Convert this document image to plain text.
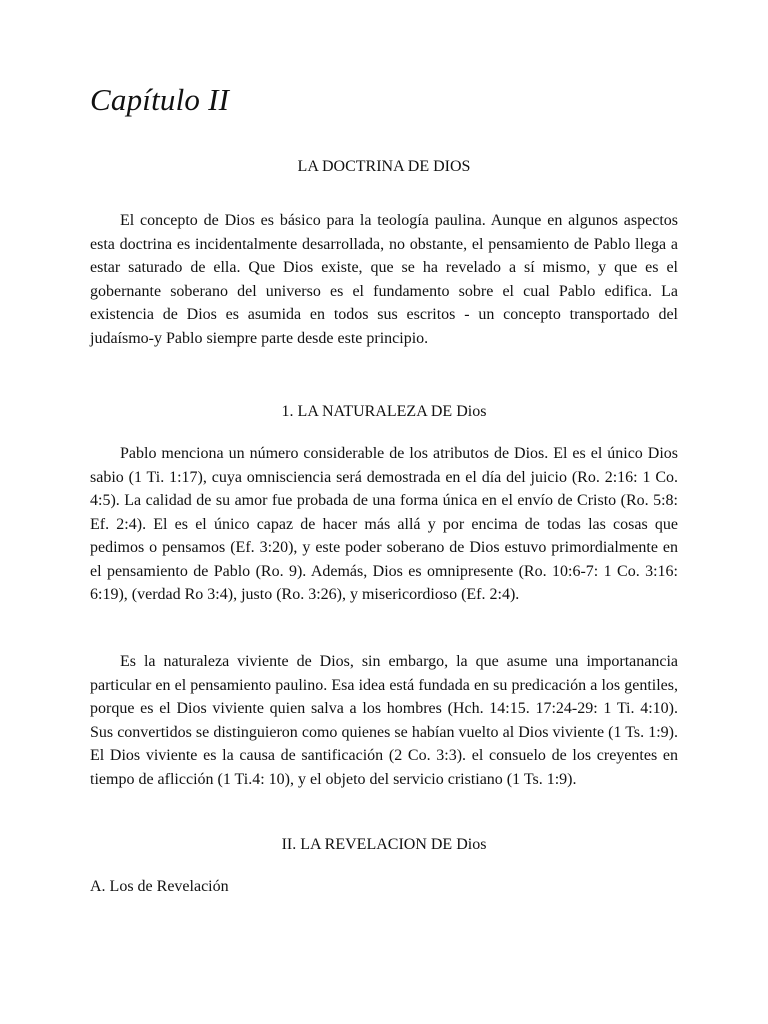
Capítulo II
LA DOCTRINA DE DIOS

El concepto de Dios es básico para la teología paulina. Aunque en algunos aspectos esta doctrina es incidentalmente desarrollada, no obstante, el pensamiento de Pablo llega a estar saturado de ella. Que Dios existe, que se ha revelado a sí mismo, y que es el gobernante soberano del universo es el fundamento sobre el cual Pablo edifica. La existencia de Dios es asumida en todos sus escritos - un concepto transportado del judaísmo-y Pablo siempre parte desde este principio.

1. LA NATURALEZA DE Dios

Pablo menciona un número considerable de los atributos de Dios. El es el único Dios sabio (1 Ti. 1:17), cuya omnisciencia será demostrada en el día del juicio (Ro. 2:16: 1 Co. 4:5). La calidad de su amor fue probada de una forma única en el envío de Cristo (Ro. 5:8: Ef. 2:4). El es el único capaz de hacer más allá y por encima de todas las cosas que pedimos o pensamos (Ef. 3:20), y este poder soberano de Dios estuvo primordialmente en el pensamiento de Pablo (Ro. 9). Además, Dios es omnipresente (Ro. 10:6-7: 1 Co. 3:16: 6:19), (verdad Ro 3:4), justo (Ro. 3:26), y misericordioso (Ef. 2:4).

Es la naturaleza viviente de Dios, sin embargo, la que asume una importanancia particular en el pensamiento paulino. Esa idea está fundada en su predicación a los gentiles, porque es el Dios viviente quien salva a los hombres (Hch. 14:15. 17:24-29: 1 Ti. 4:10). Sus convertidos se distinguieron como quienes se habían vuelto al Dios viviente (1 Ts. 1:9). El Dios viviente es la causa de santificación (2 Co. 3:3). el consuelo de los creyentes en tiempo de aflicción (1 Ti.4: 10), y el objeto del servicio cristiano (1 Ts. 1:9).

II. LA REVELACION DE Dios
A. Los de Revelación
